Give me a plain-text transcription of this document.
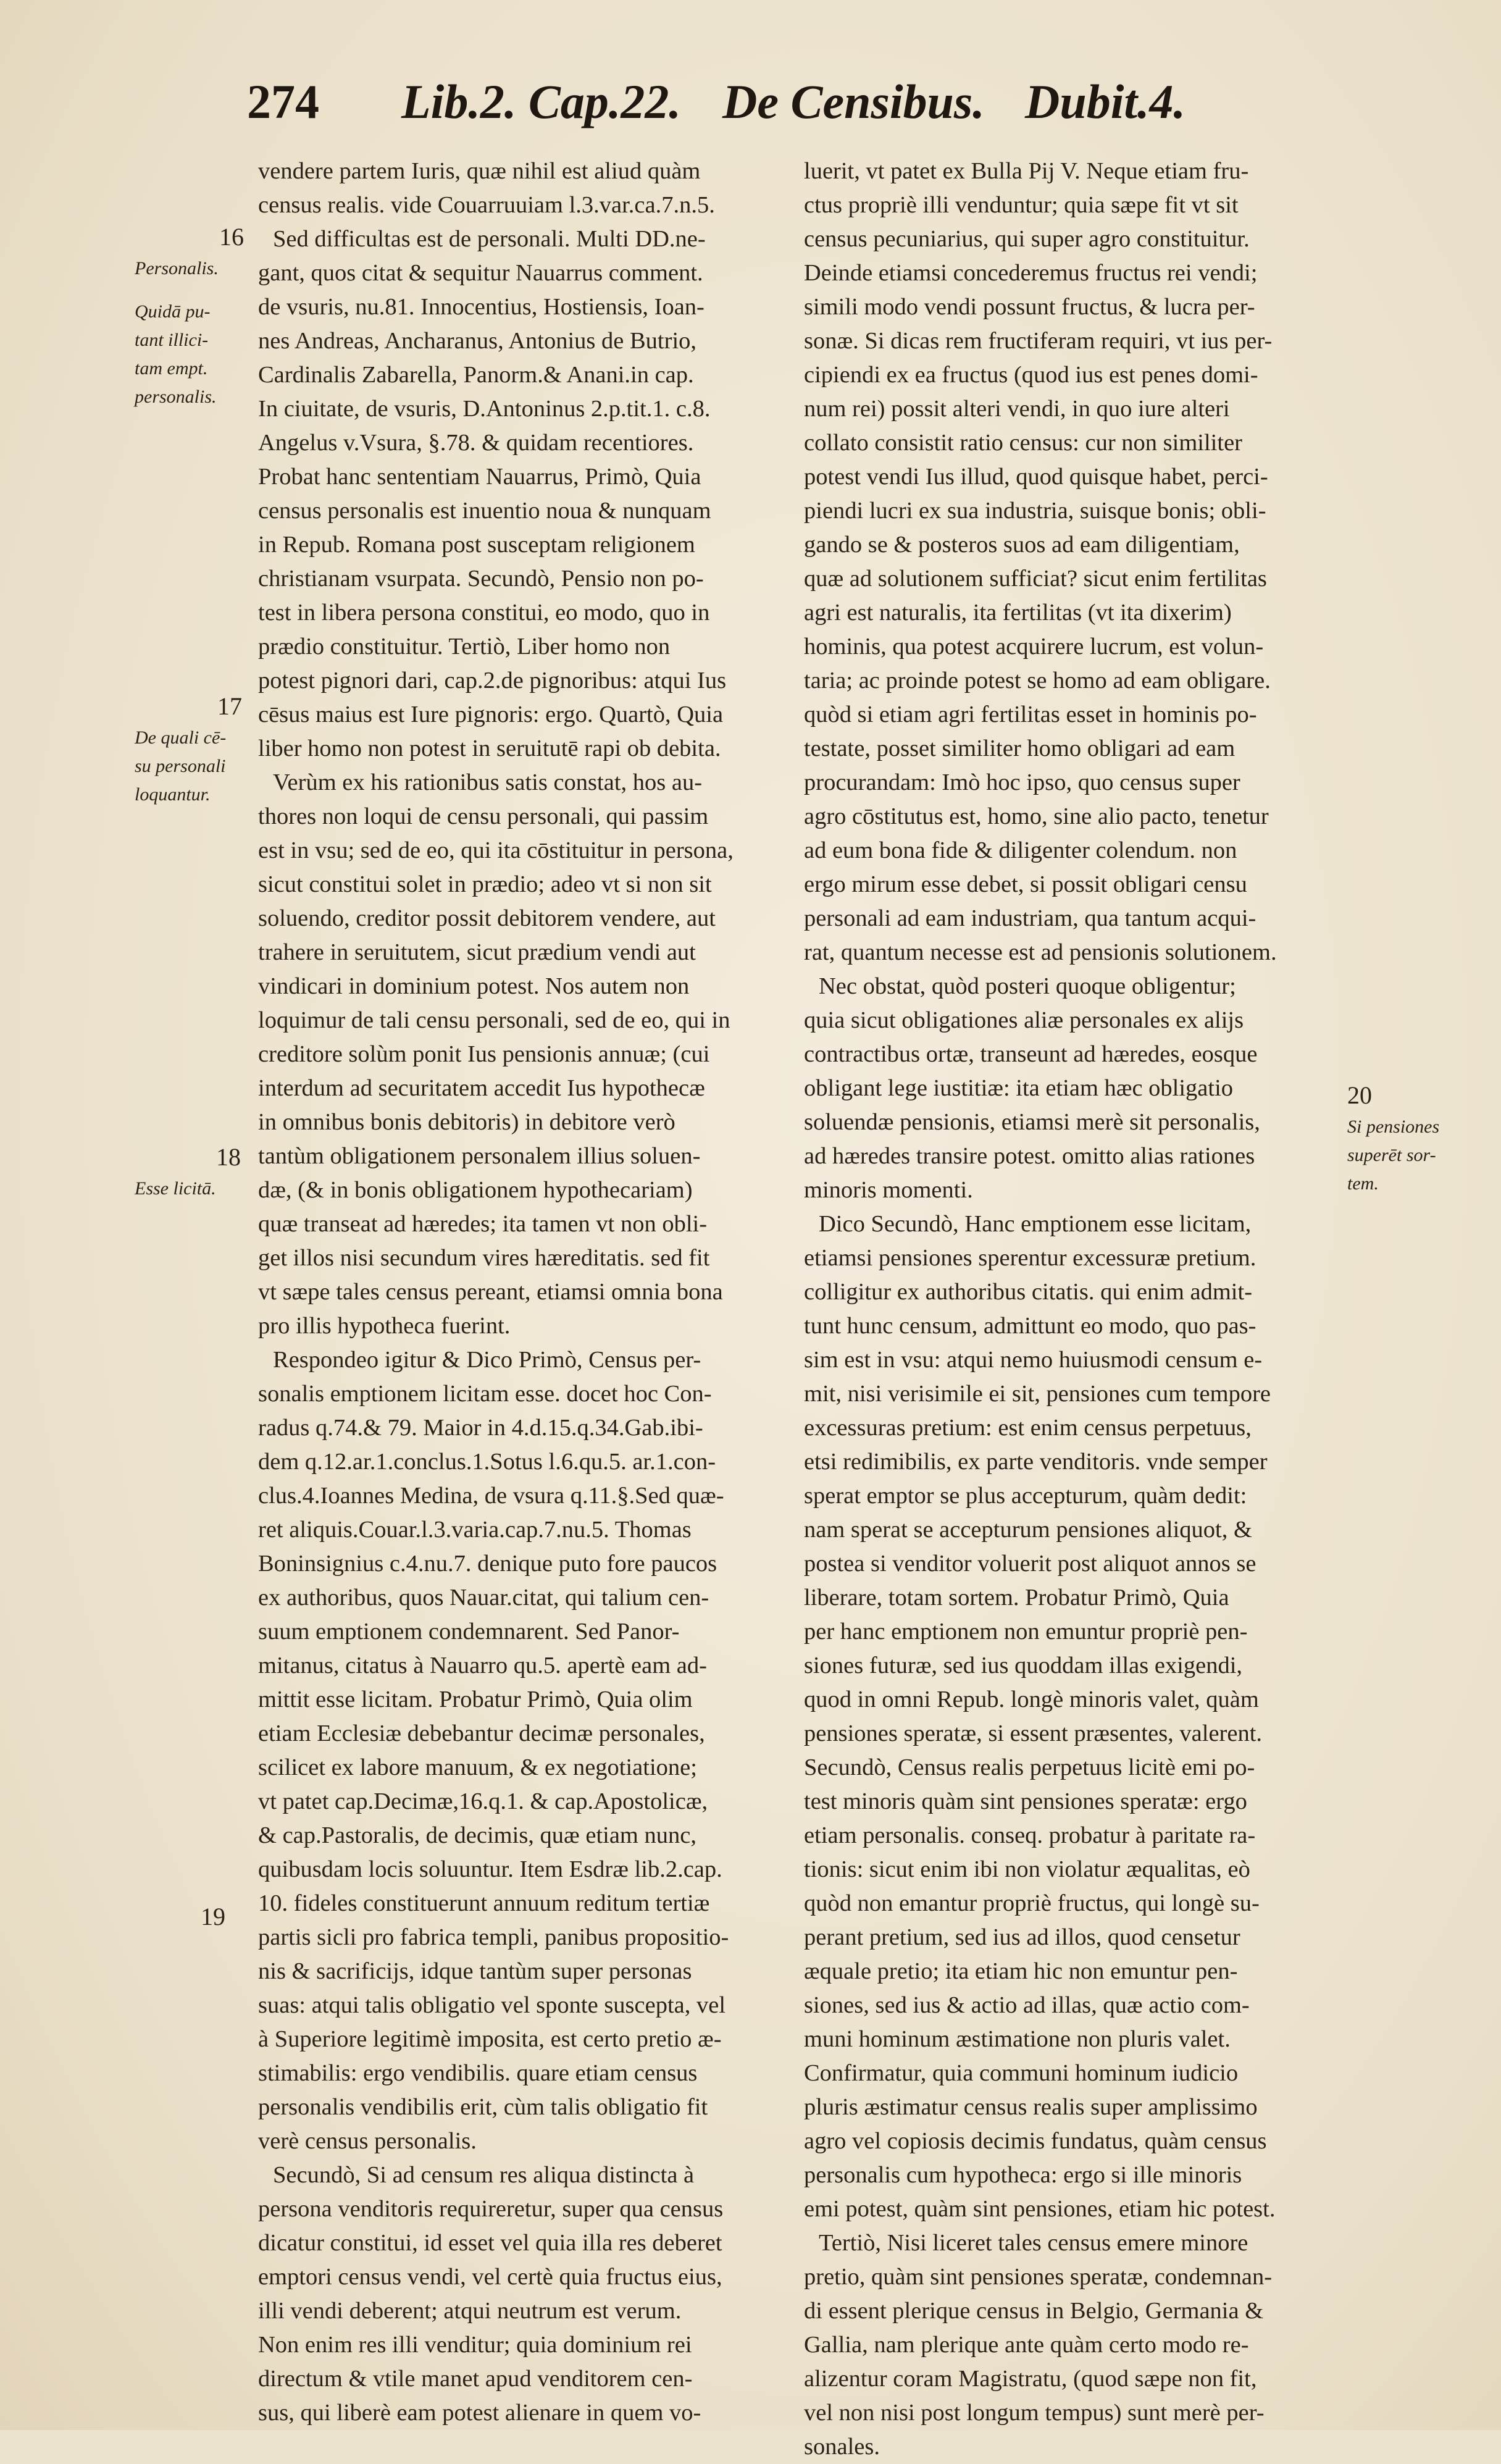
274 Lib.2. Cap.22. De Censibus. Dubit.4.
16
Personalis.
Quidā pu-
tant illici-
tam empt.
personalis.
17
De quali cē-
su personali
loquantur.
18
Esse licitā.
19
20
Si pensiones
superēt sor-
tem.
vendere partem Iuris, quæ nihil est aliud quàm
census realis. vide Couarruuiam l.3.var.ca.7.n.5.
Sed difficultas est de personali. Multi DD.ne-
gant, quos citat & sequitur Nauarrus comment.
de vsuris, nu.81. Innocentius, Hostiensis, Ioan-
nes Andreas, Ancharanus, Antonius de Butrio,
Cardinalis Zabarella, Panorm.& Anani.in cap.
In ciuitate, de vsuris, D.Antoninus 2.p.tit.1. c.8.
Angelus v.Vsura, §.78. & quidam recentiores.
Probat hanc sententiam Nauarrus, Primò, Quia
census personalis est inuentio noua & nunquam
in Repub. Romana post susceptam religionem
christianam vsurpata. Secundò, Pensio non po-
test in libera persona constitui, eo modo, quo in
prædio constituitur. Tertiò, Liber homo non
potest pignori dari, cap.2.de pignoribus: atqui Ius
cēsus maius est Iure pignoris: ergo. Quartò, Quia
liber homo non potest in seruitutē rapi ob debita.
Verùm ex his rationibus satis constat, hos au-
thores non loqui de censu personali, qui passim
est in vsu; sed de eo, qui ita cōstituitur in persona,
sicut constitui solet in prædio; adeo vt si non sit
soluendo, creditor possit debitorem vendere, aut
trahere in seruitutem, sicut prædium vendi aut
vindicari in dominium potest. Nos autem non
loquimur de tali censu personali, sed de eo, qui in
creditore solùm ponit Ius pensionis annuæ; (cui
interdum ad securitatem accedit Ius hypothecæ
in omnibus bonis debitoris) in debitore verò
tantùm obligationem personalem illius soluen-
dæ, (& in bonis obligationem hypothecariam)
quæ transeat ad hæredes; ita tamen vt non obli-
get illos nisi secundum vires hæreditatis. sed fit
vt sæpe tales census pereant, etiamsi omnia bona
pro illis hypotheca fuerint.
Respondeo igitur & Dico Primò, Census per-
sonalis emptionem licitam esse. docet hoc Con-
radus q.74.& 79. Maior in 4.d.15.q.34.Gab.ibi-
dem q.12.ar.1.conclus.1.Sotus l.6.qu.5. ar.1.con-
clus.4.Ioannes Medina, de vsura q.11.§.Sed quæ-
ret aliquis.Couar.l.3.varia.cap.7.nu.5. Thomas
Boninsignius c.4.nu.7. denique puto fore paucos
ex authoribus, quos Nauar.citat, qui talium cen-
suum emptionem condemnarent. Sed Panor-
mitanus, citatus à Nauarro qu.5. apertè eam ad-
mittit esse licitam. Probatur Primò, Quia olim
etiam Ecclesiæ debebantur decimæ personales,
scilicet ex labore manuum, & ex negotiatione;
vt patet cap.Decimæ,16.q.1. & cap.Apostolicæ,
& cap.Pastoralis, de decimis, quæ etiam nunc,
quibusdam locis soluuntur. Item Esdræ lib.2.cap.
10. fideles constituerunt annuum reditum tertiæ
partis sicli pro fabrica templi, panibus propositio-
nis & sacrificijs, idque tantùm super personas
suas: atqui talis obligatio vel sponte suscepta, vel
à Superiore legitimè imposita, est certo pretio æ-
stimabilis: ergo vendibilis. quare etiam census
personalis vendibilis erit, cùm talis obligatio fit
verè census personalis.
Secundò, Si ad censum res aliqua distincta à
persona venditoris requireretur, super qua census
dicatur constitui, id esset vel quia illa res deberet
emptori census vendi, vel certè quia fructus eius,
illi vendi deberent; atqui neutrum est verum.
Non enim res illi venditur; quia dominium rei
directum & vtile manet apud venditorem cen-
sus, qui liberè eam potest alienare in quem vo-
luerit, vt patet ex Bulla Pij V. Neque etiam fru-
ctus propriè illi venduntur; quia sæpe fit vt sit
census pecuniarius, qui super agro constituitur.
Deinde etiamsi concederemus fructus rei vendi;
simili modo vendi possunt fructus, & lucra per-
sonæ. Si dicas rem fructiferam requiri, vt ius per-
cipiendi ex ea fructus (quod ius est penes domi-
num rei) possit alteri vendi, in quo iure alteri
collato consistit ratio census: cur non similiter
potest vendi Ius illud, quod quisque habet, perci-
piendi lucri ex sua industria, suisque bonis; obli-
gando se & posteros suos ad eam diligentiam,
quæ ad solutionem sufficiat? sicut enim fertilitas
agri est naturalis, ita fertilitas (vt ita dixerim)
hominis, qua potest acquirere lucrum, est volun-
taria; ac proinde potest se homo ad eam obligare.
quòd si etiam agri fertilitas esset in hominis po-
testate, posset similiter homo obligari ad eam
procurandam: Imò hoc ipso, quo census super
agro cōstitutus est, homo, sine alio pacto, tenetur
ad eum bona fide & diligenter colendum. non
ergo mirum esse debet, si possit obligari censu
personali ad eam industriam, qua tantum acqui-
rat, quantum necesse est ad pensionis solutionem.
Nec obstat, quòd posteri quoque obligentur;
quia sicut obligationes aliæ personales ex alijs
contractibus ortæ, transeunt ad hæredes, eosque
obligant lege iustitiæ: ita etiam hæc obligatio
soluendæ pensionis, etiamsi merè sit personalis,
ad hæredes transire potest. omitto alias rationes
minoris momenti.
Dico Secundò, Hanc emptionem esse licitam,
etiamsi pensiones sperentur excessuræ pretium.
colligitur ex authoribus citatis. qui enim admit-
tunt hunc censum, admittunt eo modo, quo pas-
sim est in vsu: atqui nemo huiusmodi censum e-
mit, nisi verisimile ei sit, pensiones cum tempore
excessuras pretium: est enim census perpetuus,
etsi redimibilis, ex parte venditoris. vnde semper
sperat emptor se plus accepturum, quàm dedit:
nam sperat se accepturum pensiones aliquot, &
postea si venditor voluerit post aliquot annos se
liberare, totam sortem. Probatur Primò, Quia
per hanc emptionem non emuntur propriè pen-
siones futuræ, sed ius quoddam illas exigendi,
quod in omni Repub. longè minoris valet, quàm
pensiones speratæ, si essent præsentes, valerent.
Secundò, Census realis perpetuus licitè emi po-
test minoris quàm sint pensiones speratæ: ergo
etiam personalis. conseq. probatur à paritate ra-
tionis: sicut enim ibi non violatur æqualitas, eò
quòd non emantur propriè fructus, qui longè su-
perant pretium, sed ius ad illos, quod censetur
æquale pretio; ita etiam hic non emuntur pen-
siones, sed ius & actio ad illas, quæ actio com-
muni hominum æstimatione non pluris valet.
Confirmatur, quia communi hominum iudicio
pluris æstimatur census realis super amplissimo
agro vel copiosis decimis fundatus, quàm census
personalis cum hypotheca: ergo si ille minoris
emi potest, quàm sint pensiones, etiam hic potest.
Tertiò, Nisi liceret tales census emere minore
pretio, quàm sint pensiones speratæ, condemnan-
di essent plerique census in Belgio, Germania &
Gallia, nam plerique ante quàm certo modo re-
alizentur coram Magistratu, (quod sæpe non fit,
vel non nisi post longum tempus) sunt merè per-
sonales.
